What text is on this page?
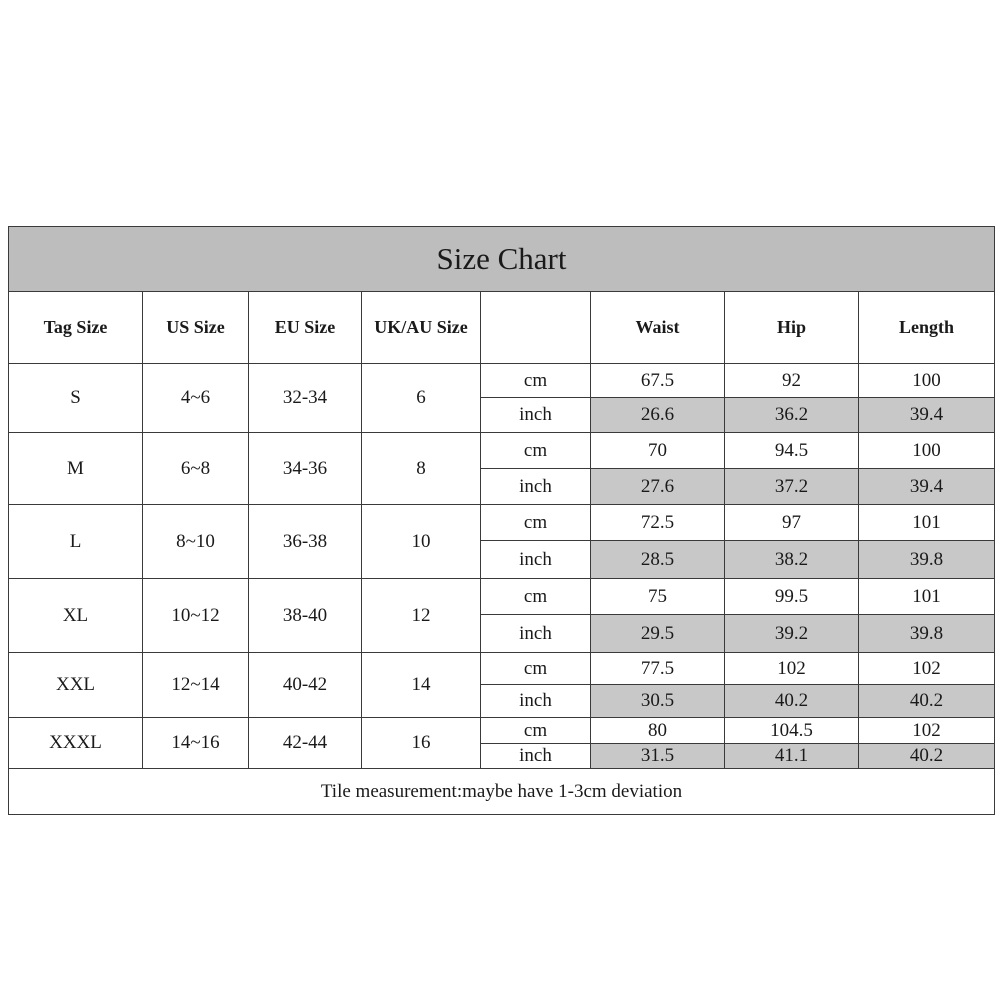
Size Chart							
Tag Size	US Size	EU Size	UK/AU Size		Waist	Hip	Length
S	4~6	32-34	6	cm	67.5	92	100
				inch	26.6	36.2	39.4
M	6~8	34-36	8	cm	70	94.5	100
				inch	27.6	37.2	39.4
L	8~10	36-38	10	cm	72.5	97	101
				inch	28.5	38.2	39.8
XL	10~12	38-40	12	cm	75	99.5	101
				inch	29.5	39.2	39.8
XXL	12~14	40-42	14	cm	77.5	102	102
				inch	30.5	40.2	40.2
XXXL	14~16	42-44	16	cm	80	104.5	102
				inch	31.5	41.1	40.2
Tile measurement:maybe have 1-3cm deviation							
